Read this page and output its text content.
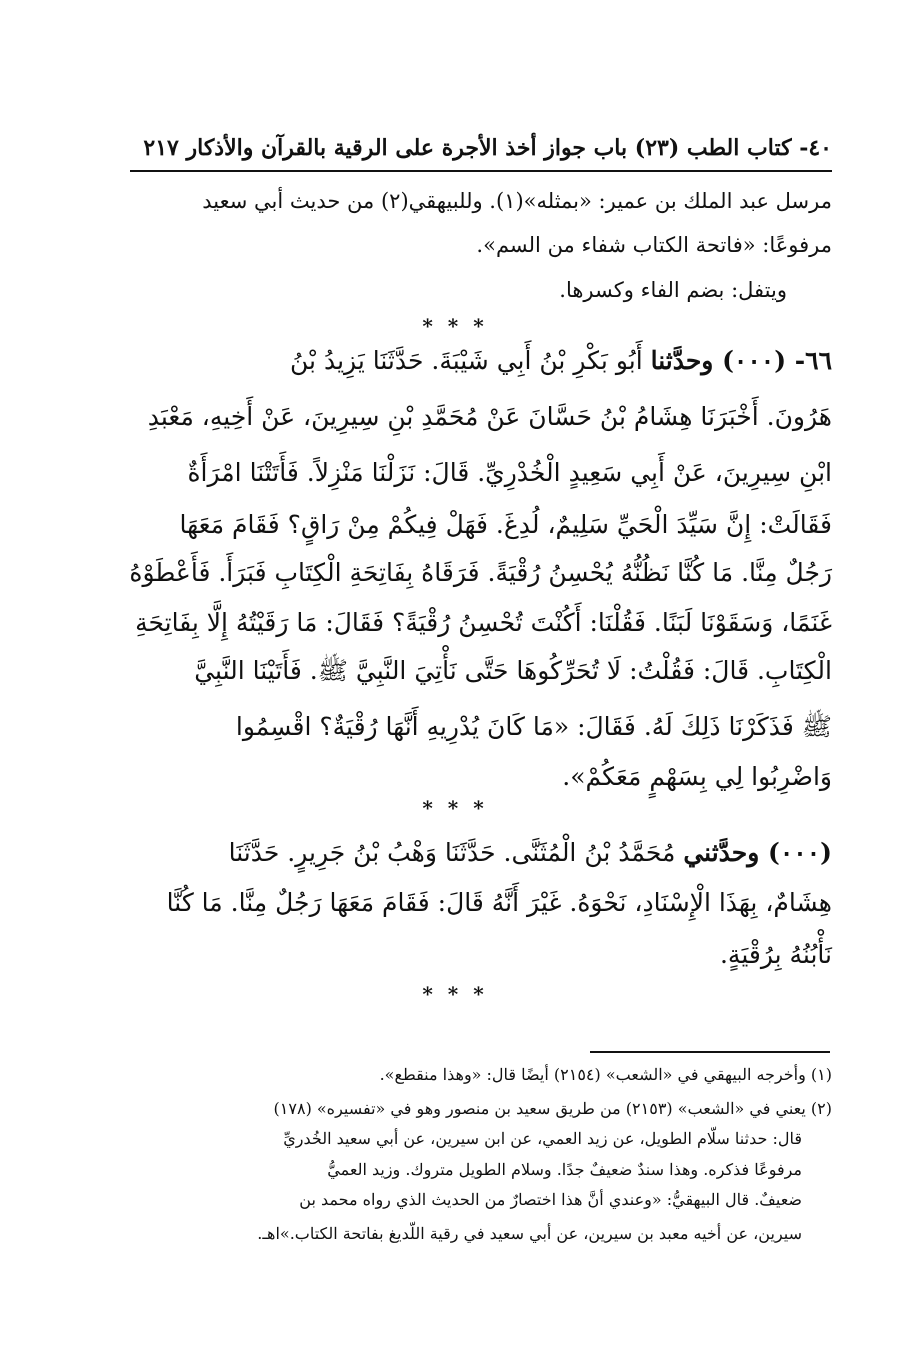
٤٠- كتاب الطب (٢٣) باب جواز أخذ الأجرة على الرقية بالقرآن والأذكار ٢١٧
مرسل عبد الملك بن عمير: «بمثله»(١). وللبيهقي(٢) من حديث أبي سعيد
مرفوعًا: «فاتحة الكتاب شفاء من السم».
ويتفل: بضم الفاء وكسرها.
* * *
٦٦- (٠٠٠) وحدَّثنا أَبُو بَكْرِ بْنُ أَبِي شَيْبَةَ. حَدَّثَنَا يَزِيدُ بْنُ
هَرُونَ. أَخْبَرَنَا هِشَامُ بْنُ حَسَّانَ عَنْ مُحَمَّدِ بْنِ سِيرِينَ، عَنْ أَخِيهِ، مَعْبَدِ
ابْنِ سِيرِينَ، عَنْ أَبِي سَعِيدٍ الْخُدْرِيِّ. قَالَ: نَزَلْنَا مَنْزِلاً. فَأَتَتْنَا امْرَأَةٌ
فَقَالَتْ: إِنَّ سَيِّدَ الْحَيِّ سَلِيمٌ، لُدِغَ. فَهَلْ فِيكُمْ مِنْ رَاقٍ؟ فَقَامَ مَعَهَا
رَجُلٌ مِنَّا. مَا كُنَّا نَظُنُّهُ يُحْسِنُ رُقْيَةً. فَرَقَاهُ بِفَاتِحَةِ الْكِتَابِ فَبَرَأَ. فَأَعْطَوْهُ
غَنَمًا، وَسَقَوْنَا لَبَنًا. فَقُلْنَا: أَكُنْتَ تُحْسِنُ رُقْيَةً؟ فَقَالَ: مَا رَقَيْتُهُ إِلَّا بِفَاتِحَةِ
الْكِتَابِ. قَالَ: فَقُلْتُ: لَا تُحَرِّكُوهَا حَتَّى نَأْتِيَ النَّبِيَّ ﷺ. فَأَتَيْنَا النَّبِيَّ
ﷺ فَذَكَرْنَا ذَلِكَ لَهُ. فَقَالَ: «مَا كَانَ يُدْرِيهِ أَنَّهَا رُقْيَةٌ؟ اقْسِمُوا
وَاضْرِبُوا لِي بِسَهْمٍ مَعَكُمْ».
* * *
(٠٠٠) وحدَّثني مُحَمَّدُ بْنُ الْمُثَنَّى. حَدَّثَنَا وَهْبُ بْنُ جَرِيرٍ. حَدَّثَنَا
هِشَامٌ، بِهَذَا الْإِسْنَادِ، نَحْوَهُ. غَيْرَ أَنَّهُ قَالَ: فَقَامَ مَعَهَا رَجُلٌ مِنَّا. مَا كُنَّا
نَأْبُنُهُ بِرُقْيَةٍ.
* * *
(١) وأخرجه البيهقي في «الشعب» (٢١٥٤) أيضًا قال: «وهذا منقطع».
(٢) يعني في «الشعب» (٢١٥٣) من طريق سعيد بن منصور وهو في «تفسيره» (١٧٨)
قال: حدثنا سلّام الطويل، عن زيد العمي، عن ابن سيرين، عن أبي سعيد الخُدريِّ
مرفوعًا فذكره. وهذا سندٌ ضعيفٌ جدًا. وسلام الطويل متروك. وزيد العميُّ
ضعيفٌ. قال البيهقيُّ: «وعندي أنَّ هذا اختصارٌ من الحديث الذي رواه محمد بن
سيرين، عن أخيه معبد بن سيرين، عن أبي سعيد في رقية اللّديغ بفاتحة الكتاب.»اهـ.
